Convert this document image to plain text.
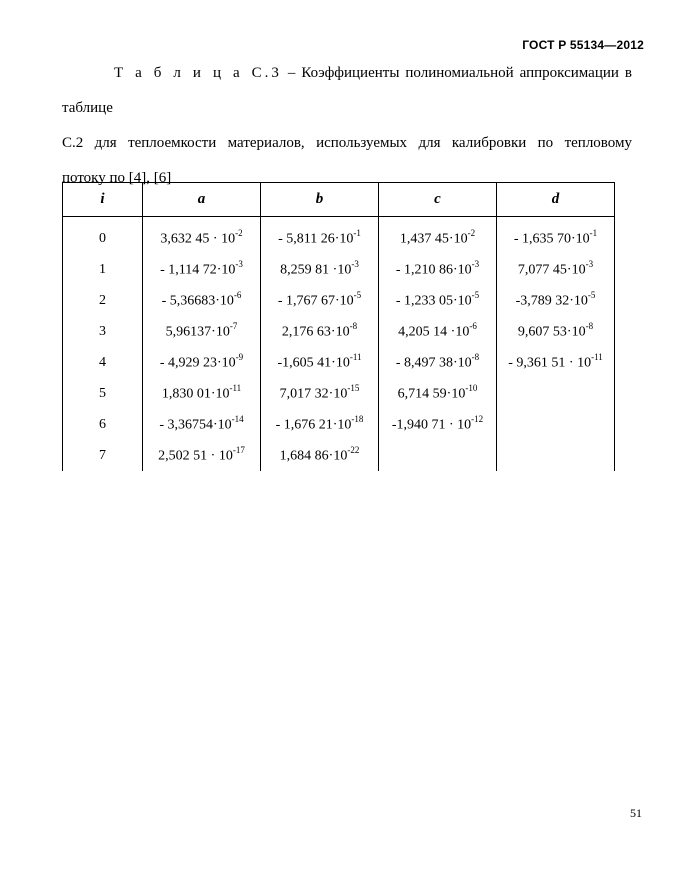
ГОСТ Р 55134—2012
Т а б л и ц а С.3 – Коэффициенты полиномиальной аппроксимации в таблице
С.2 для теплоемкости материалов, используемых для калибровки по тепловому
потоку по [4], [6]
i	a	b	c	d
0	3,632 $45 \cdot 10^{-2}$	- 5,811 $26\cdot 10^{-1}$	1,437 $45\cdot 10^{-2}$	- 1,635 $70\cdot 10^{-1}$
1	- 1,114 $72\cdot 10^{-3}$	8,259 $81 \cdot 10^{-3}$	- 1,210 $86\cdot 10^{-3}$	7,077 $45\cdot 10^{-3}$
2	- $5,36683\cdot 10^{-6}$	- 1,767 $67\cdot 10^{-5}$	- 1,233 $05\cdot 10^{-5}$	-3,789 $32\cdot 10^{-5}$
3	$5,96137\cdot 10^{-7}$	2,176 $63\cdot 10^{-8}$	4,205 $14 \cdot 10^{-6}$	9,607 $53\cdot 10^{-8}$
4	- 4,929 $23\cdot 10^{-9}$	-1,605 $41\cdot 10^{-11}$	- 8,497 $38\cdot 10^{-8}$	- 9,361 $51 \cdot 10^{-11}$
5	1,830 $01\cdot 10^{-11}$	7,017 $32\cdot 10^{-15}$	6,714 $59\cdot 10^{-10}$	
6	- $3,36754\cdot 10^{-14}$	- 1,676 $21\cdot 10^{-18}$	-1,940 $71 \cdot 10^{-12}$	
7	2,502 $51 \cdot 10^{-17}$	1,684 $86\cdot 10^{-22}$		
51
